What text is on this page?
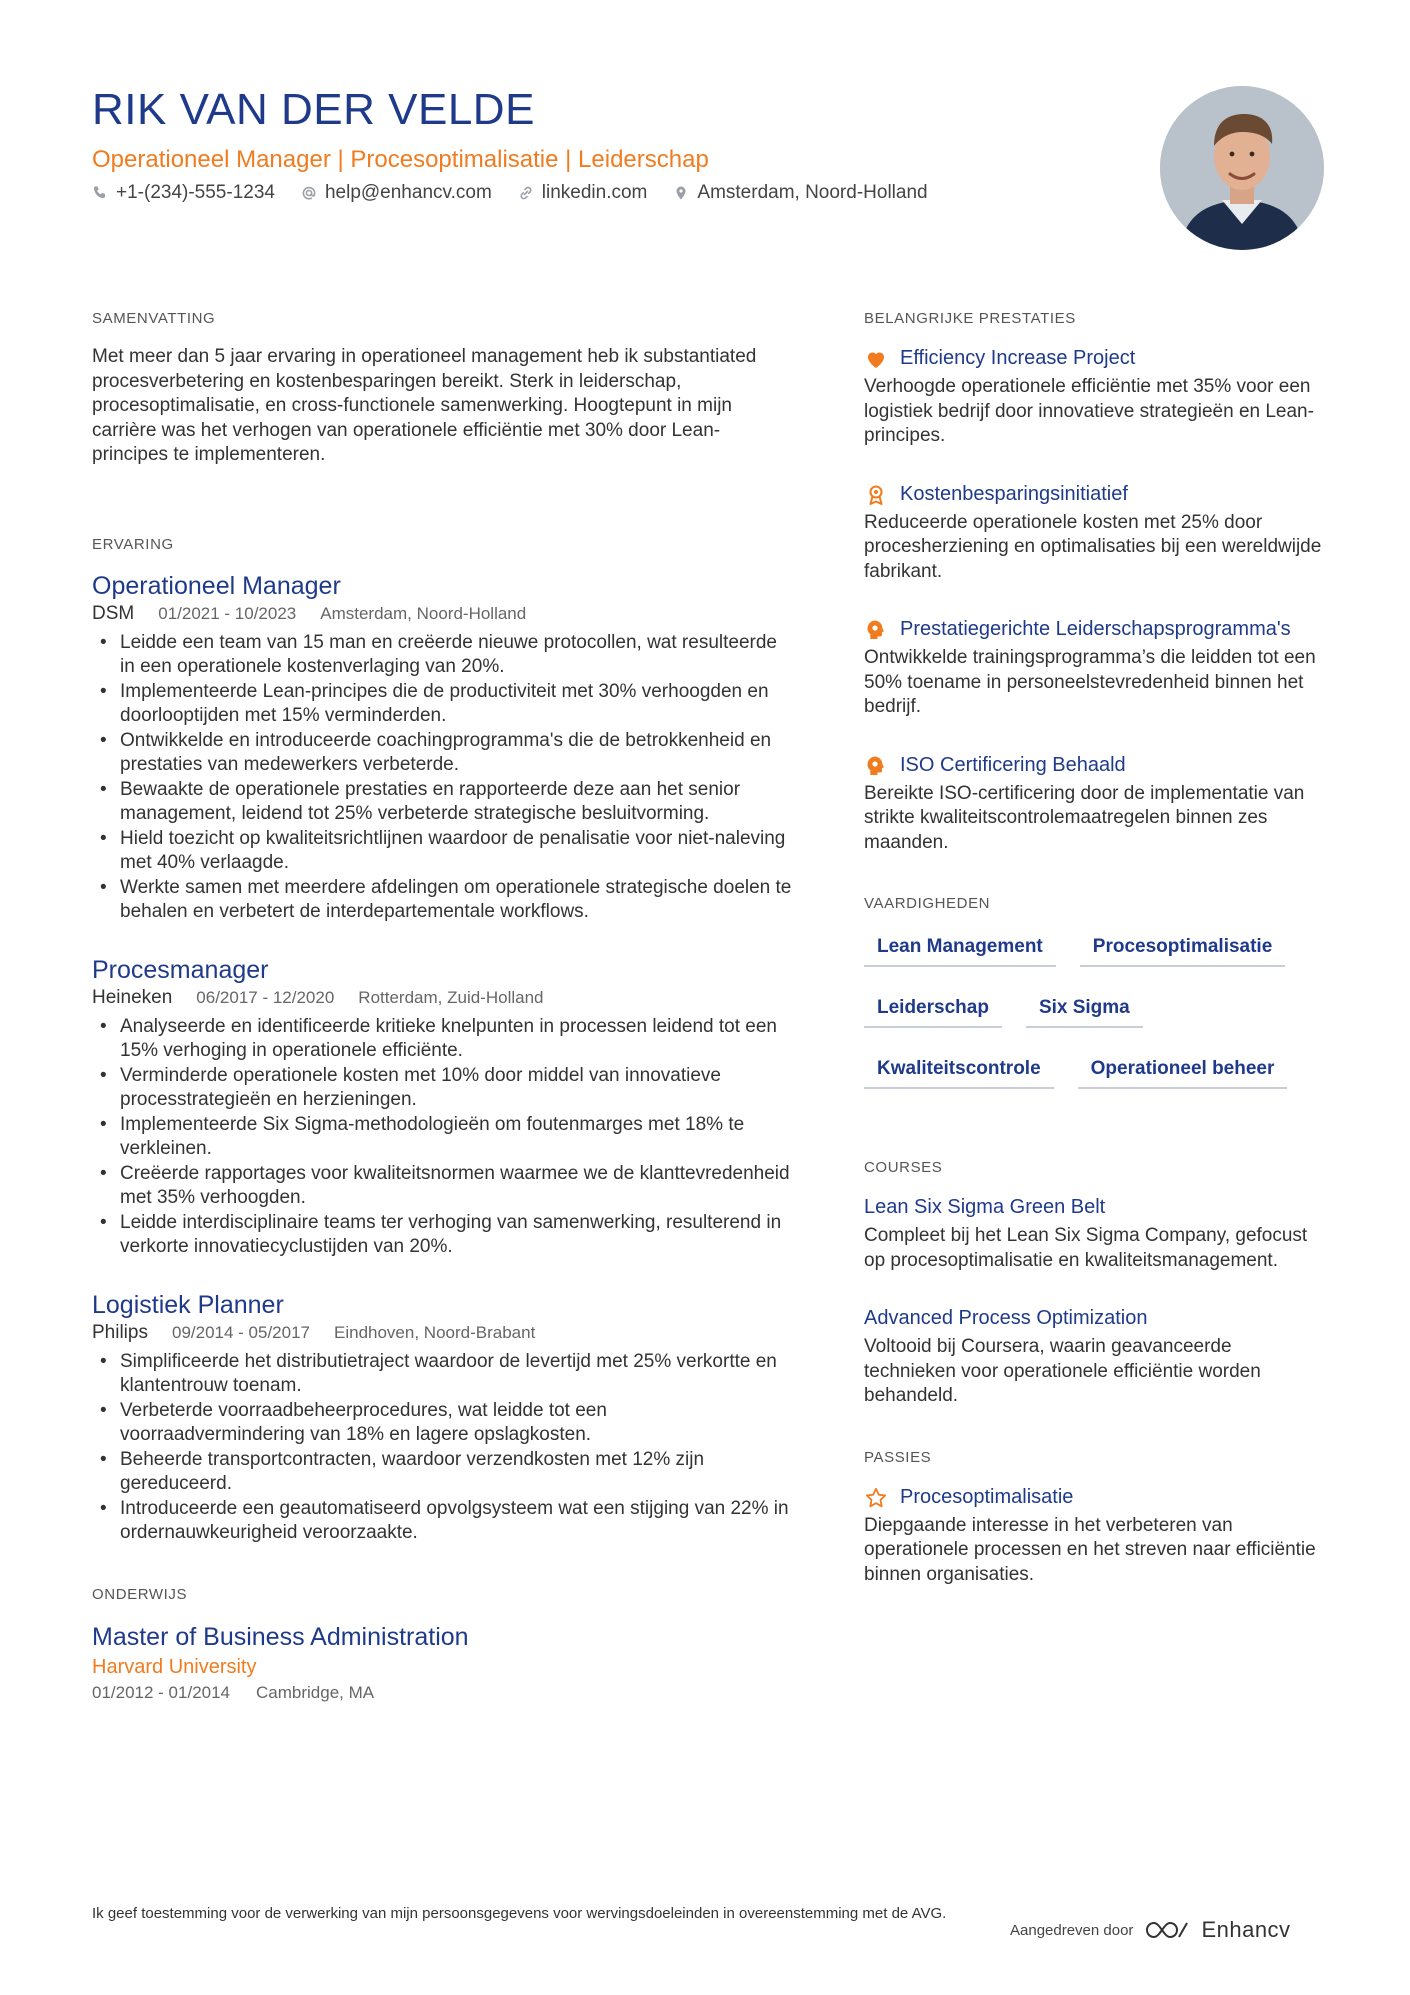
RIK VAN DER VELDE
Operationeel Manager | Procesoptimalisatie | Leiderschap
+1-(234)-555-1234	help@enhancv.com	linkedin.com	Amsterdam, Noord-Holland
SAMENVATTING

Met meer dan 5 jaar ervaring in operationeel management heb ik substantiated procesverbetering en kostenbesparingen bereikt. Sterk in leiderschap, procesoptimalisatie, en cross-functionele samenwerking. Hoogtepunt in mijn carrière was het verhogen van operationele efficiëntie met 30% door Lean-principes te implementeren.

ERVARING
Operationeel Manager
DSM 01/2021 - 10/2023 Amsterdam, Noord-Holland
• Leidde een team van 15 man en creëerde nieuwe protocollen, wat resulteerde in een operationele kostenverlaging van 20%.
• Implementeerde Lean-principes die de productiviteit met 30% verhoogden en doorlooptijden met 15% verminderden.
• Ontwikkelde en introduceerde coachingprogramma's die de betrokkenheid en prestaties van medewerkers verbeterde.
• Bewaakte de operationele prestaties en rapporteerde deze aan het senior management, leidend tot 25% verbeterde strategische besluitvorming.
• Hield toezicht op kwaliteitsrichtlijnen waardoor de penalisatie voor niet-naleving met 40% verlaagde.
• Werkte samen met meerdere afdelingen om operationele strategische doelen te behalen en verbetert de interdepartementale workflows.
Procesmanager
Heineken 06/2017 - 12/2020 Rotterdam, Zuid-Holland
• Analyseerde en identificeerde kritieke knelpunten in processen leidend tot een 15% verhoging in operationele efficiënte.
• Verminderde operationele kosten met 10% door middel van innovatieve processtrategieën en herzieningen.
• Implementeerde Six Sigma-methodologieën om foutenmarges met 18% te verkleinen.
• Creëerde rapportages voor kwaliteitsnormen waarmee we de klanttevredenheid met 35% verhoogden.
• Leidde interdisciplinaire teams ter verhoging van samenwerking, resulterend in verkorte innovatiecyclustijden van 20%.
Logistiek Planner
Philips 09/2014 - 05/2017 Eindhoven, Noord-Brabant
• Simplificeerde het distributietraject waardoor de levertijd met 25% verkortte en klantentrouw toenam.
• Verbeterde voorraadbeheerprocedures, wat leidde tot een voorraadvermindering van 18% en lagere opslagkosten.
• Beheerde transportcontracten, waardoor verzendkosten met 12% zijn gereduceerd.
• Introduceerde een geautomatiseerd opvolgsysteem wat een stijging van 22% in ordernauwkeurigheid veroorzaakte.
ONDERWIJS
Master of Business Administration
Harvard University
01/2012 - 01/2014 Cambridge, MA
BELANGRIJKE PRESTATIES
Efficiency Increase Project
Verhoogde operationele efficiëntie met 35% voor een logistiek bedrijf door innovatieve strategieën en Lean-principes.
Kostenbesparingsinitiatief
Reduceerde operationele kosten met 25% door procesherziening en optimalisaties bij een wereldwijde fabrikant.
Prestatiegerichte Leiderschapsprogramma's
Ontwikkelde trainingsprogramma’s die leidden tot een 50% toename in personeelstevredenheid binnen het bedrijf.
ISO Certificering Behaald
Bereikte ISO-certificering door de implementatie van strikte kwaliteitscontrolemaatregelen binnen zes maanden.
VAARDIGHEDEN
Lean Management	Procesoptimalisatie
Leiderschap	Six Sigma
Kwaliteitscontrole	Operationeel beheer
COURSES
Lean Six Sigma Green Belt
Compleet bij het Lean Six Sigma Company, gefocust op procesoptimalisatie en kwaliteitsmanagement.
Advanced Process Optimization
Voltooid bij Coursera, waarin geavanceerde technieken voor operationele efficiëntie worden behandeld.
PASSIES
Procesoptimalisatie
Diepgaande interesse in het verbeteren van operationele processen en het streven naar efficiëntie binnen organisaties.
Ik geef toestemming voor de verwerking van mijn persoonsgegevens voor wervingsdoeleinden in overeenstemming met de AVG.
Aangedreven door	Enhancv
